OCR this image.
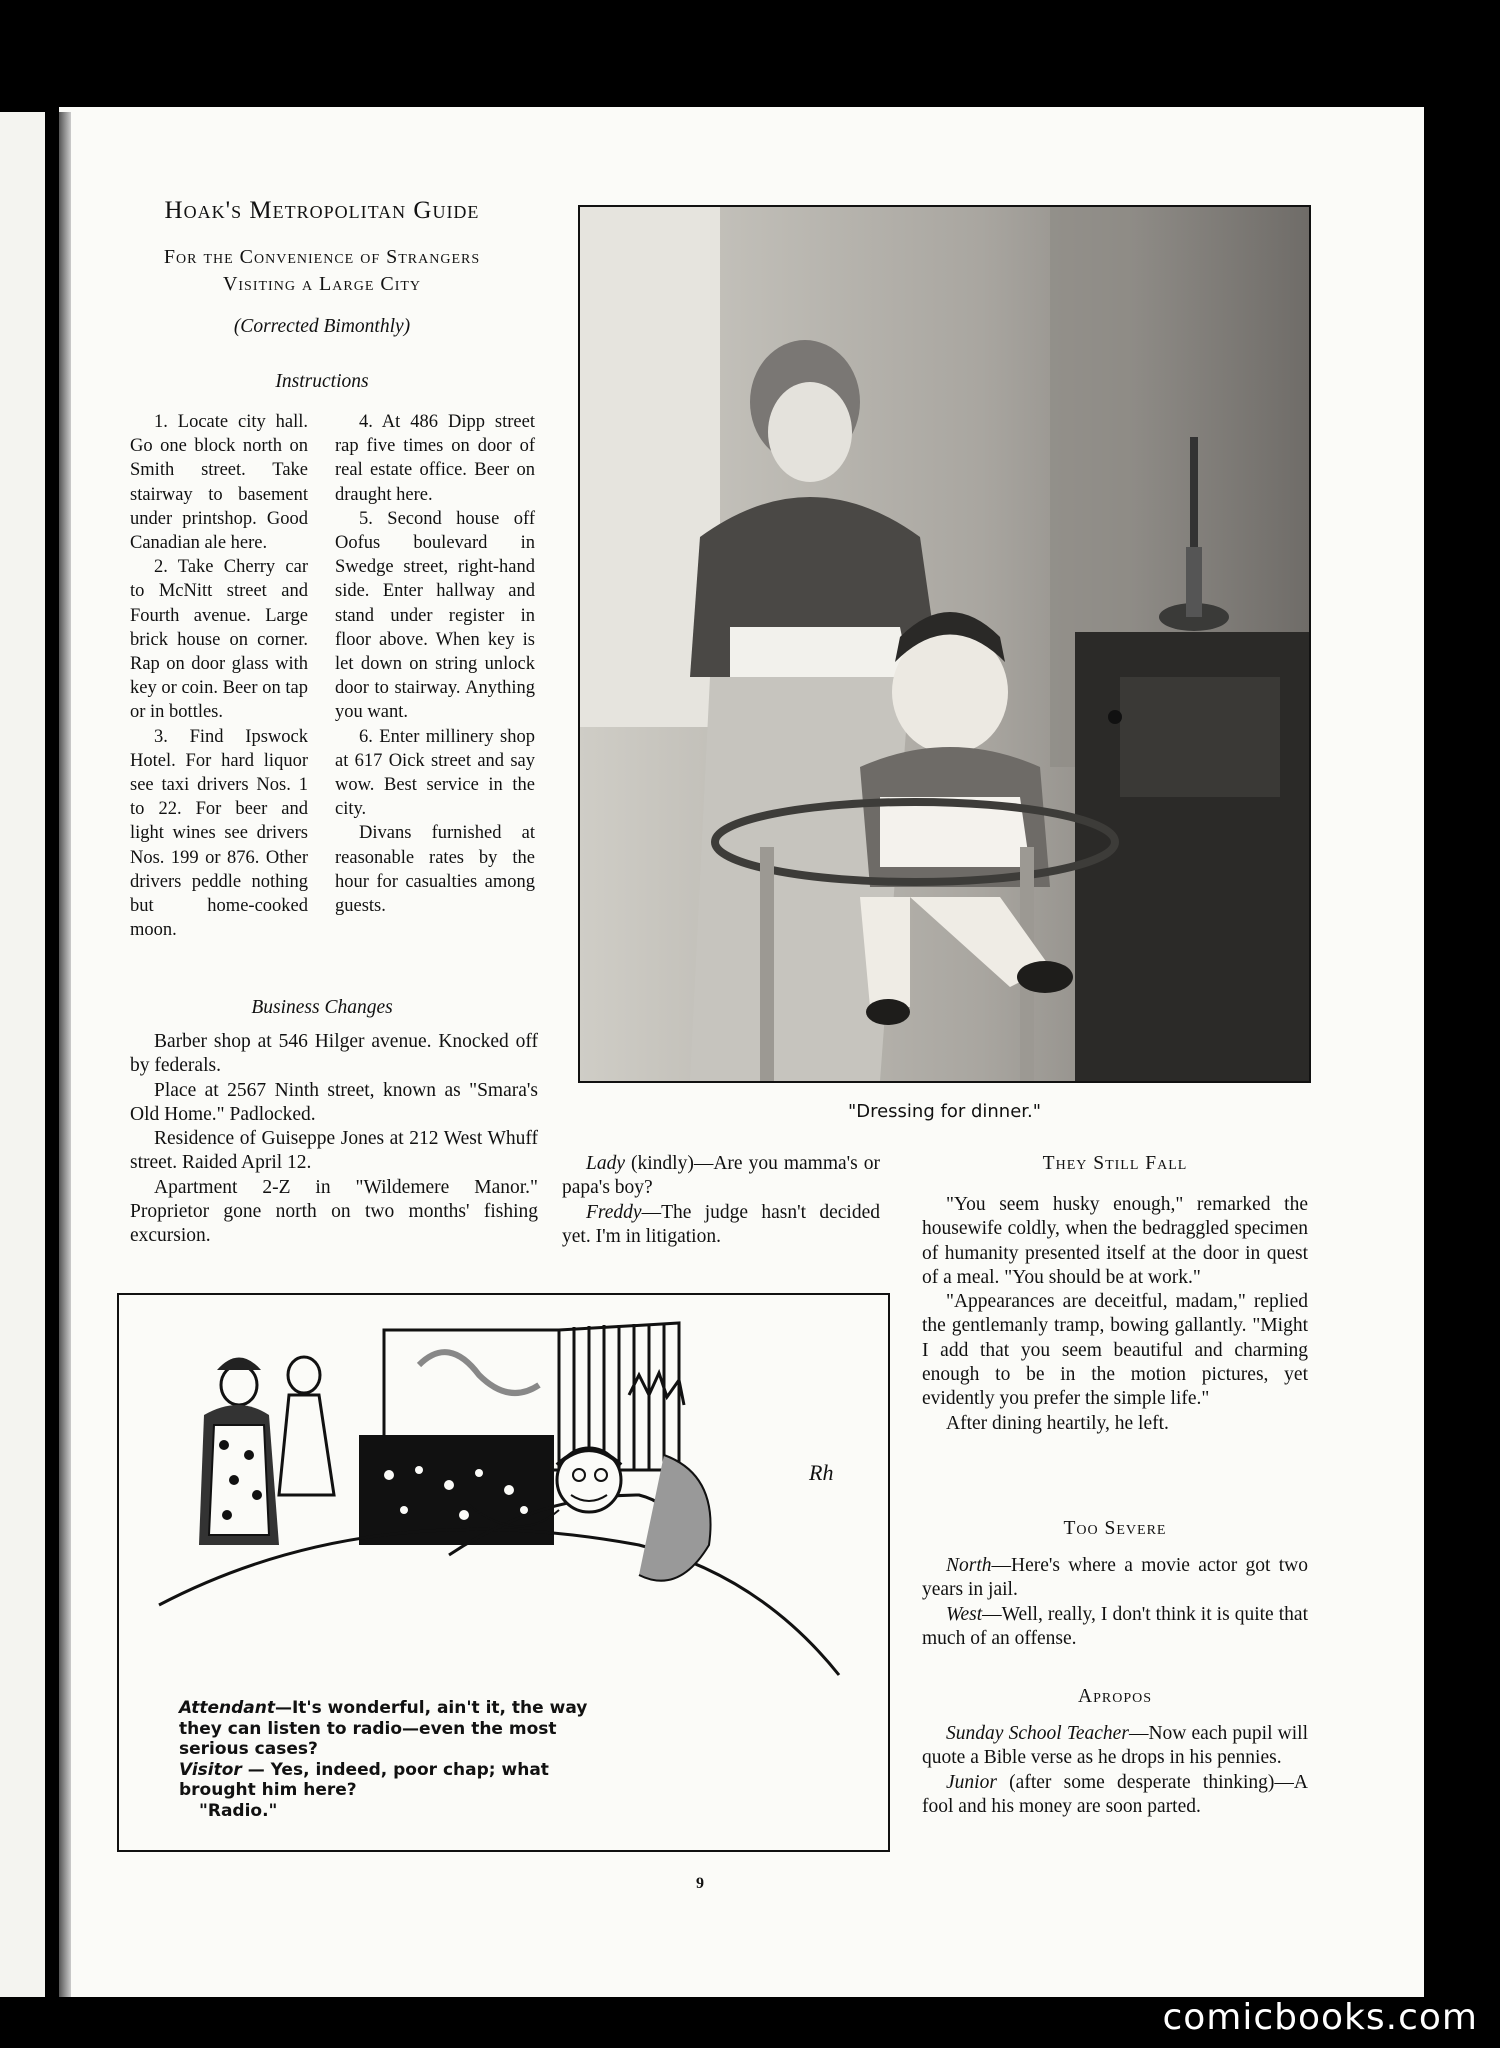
Hoak's Metropolitan Guide
For the Convenience of Strangers
Visiting a Large City
(Corrected Bimonthly)
Instructions

1. Locate city hall. Go one block north on Smith street. Take stairway to basement under printshop. Good Canadian ale here.

2. Take Cherry car to McNitt street and Fourth avenue. Large brick house on corner. Rap on door glass with key or coin. Beer on tap or in bottles.

3. Find Ipswock Hotel. For hard liquor see taxi drivers Nos. 1 to 22. For beer and light wines see drivers Nos. 199 or 876. Other drivers peddle nothing but home-cooked moon.

4. At 486 Dipp street rap five times on door of real estate office. Beer on draught here.

5. Second house off Oofus boulevard in Swedge street, right-hand side. Enter hallway and stand under register in floor above. When key is let down on string unlock door to stairway. Anything you want.

6. Enter millinery shop at 617 Oick street and say wow. Best service in the city.

Divans furnished at reasonable rates by the hour for casualties among guests.

Business Changes

Barber shop at 546 Hilger avenue. Knocked off by federals.

Place at 2567 Ninth street, known as "Smara's Old Home." Padlocked.

Residence of Guiseppe Jones at 212 West Whuff street. Raided April 12.

Apartment 2-Z in "Wildemere Manor." Proprietor gone north on two months' fishing excursion.

"Dressing for dinner."

Lady (kindly)—Are you mamma's or papa's boy?

Freddy—The judge hasn't decided yet. I'm in litigation.

They Still Fall

"You seem husky enough," remarked the housewife coldly, when the bedraggled specimen of humanity presented itself at the door in quest of a meal. "You should be at work."

"Appearances are deceitful, madam," replied the gentlemanly tramp, bowing gallantly. "Might I add that you seem beautiful and charming enough to be in the motion pictures, yet evidently you prefer the simple life."

After dining heartily, he left.

Too Severe

North—Here's where a movie actor got two years in jail.

West—Well, really, I don't think it is quite that much of an offense.

Apropos

Sunday School Teacher—Now each pupil will quote a Bible verse as he drops in his pennies.

Junior (after some desperate thinking)—A fool and his money are soon parted.

Rh
Attendant—It's wonderful, ain't it, the way they can listen to radio—even the most serious cases?
Visitor — Yes, indeed, poor chap; what brought him here?
"Radio."
9
comicbooks.com
